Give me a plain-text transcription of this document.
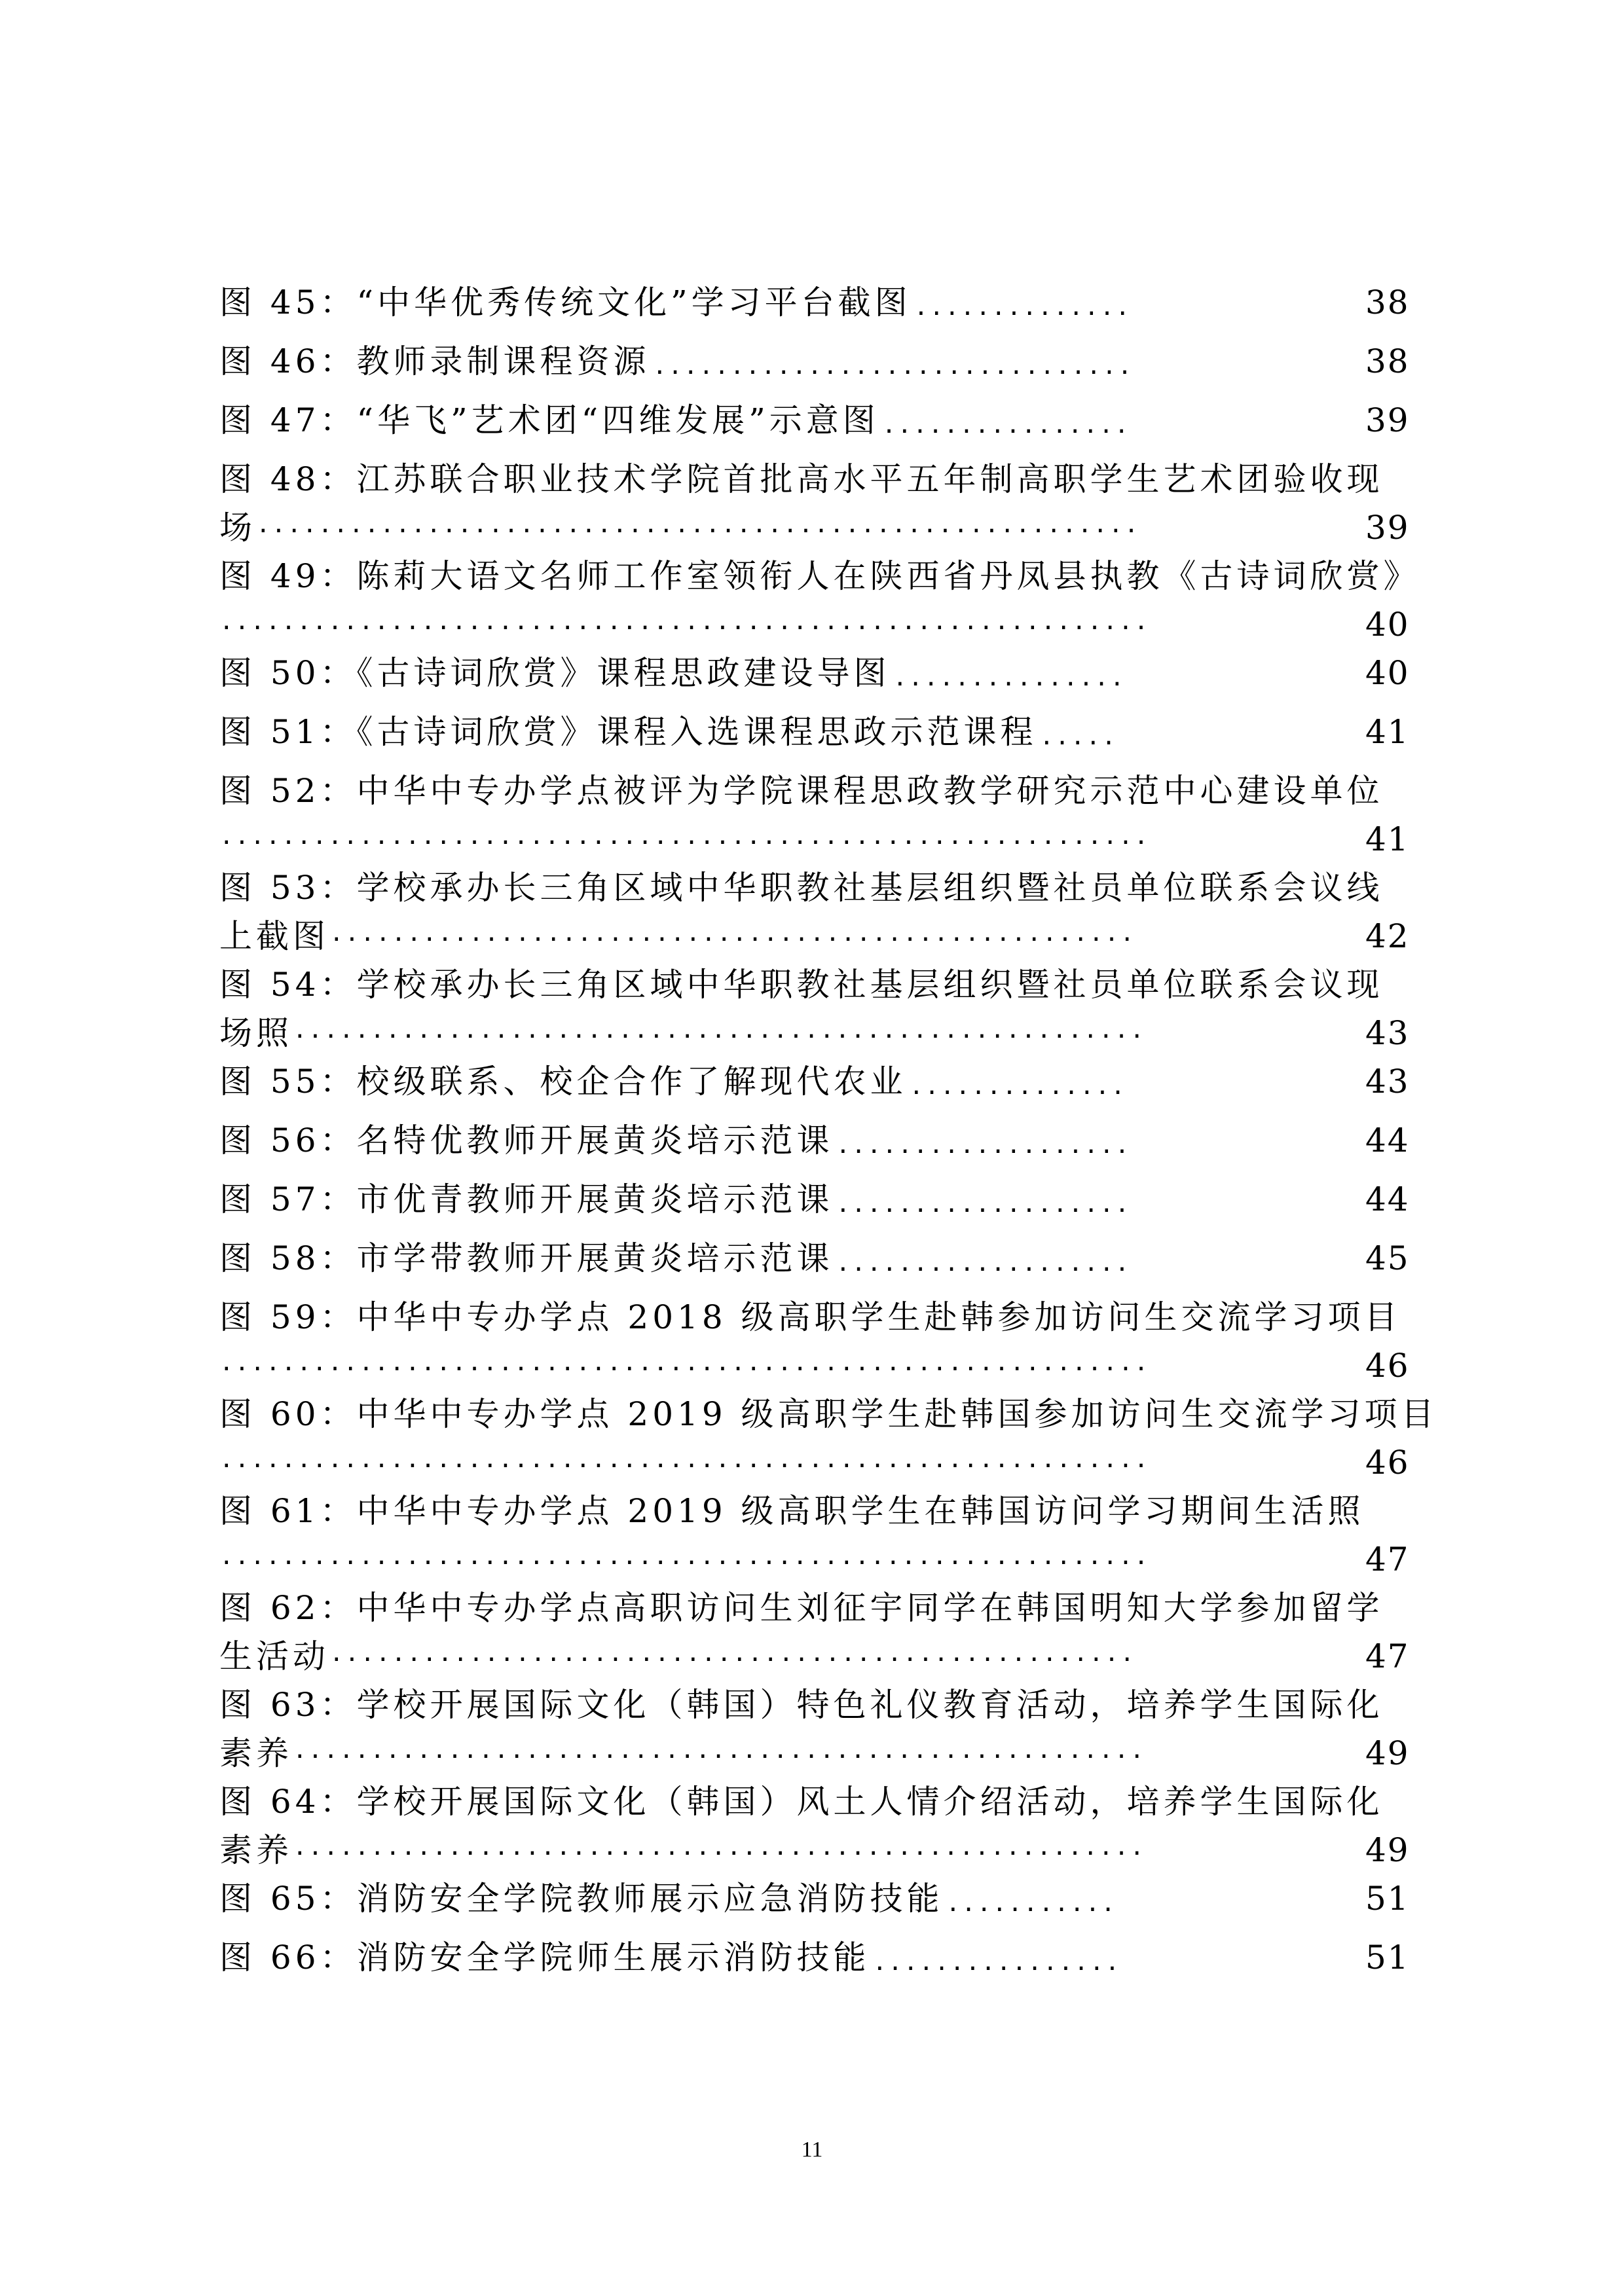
图 45：“中华优秀传统文化”学习平台截图 ··············	38
图 46：教师录制课程资源 ·······························	38
图 47：“华飞”艺术团“四维发展”示意图 ················	39
图 48：江苏联合职业技术学院首批高水平五年制高职学生艺术团验收现
场·························································	39
图 49：陈莉大语文名师工作室领衔人在陕西省丹凤县执教《古诗词欣赏》
····························································	40
图 50：《古诗词欣赏》课程思政建设导图 ···············	40
图 51：《古诗词欣赏》课程入选课程思政示范课程 ·····	41
图 52：中华中专办学点被评为学院课程思政教学研究示范中心建设单位
····························································	41
图 53：学校承办长三角区域中华职教社基层组织暨社员单位联系会议线
上截图····················································	42
图 54：学校承办长三角区域中华职教社基层组织暨社员单位联系会议现
场照·······················································	43
图 55：校级联系、校企合作了解现代农业 ··············	43
图 56：名特优教师开展黄炎培示范课 ···················	44
图 57：市优青教师开展黄炎培示范课 ···················	44
图 58：市学带教师开展黄炎培示范课 ···················	45
图 59：中华中专办学点 2018 级高职学生赴韩参加访问生交流学习项目
····························································	46
图 60：中华中专办学点 2019 级高职学生赴韩国参加访问生交流学习项目
····························································	46
图 61：中华中专办学点 2019 级高职学生在韩国访问学习期间生活照
····························································	47
图 62：中华中专办学点高职访问生刘征宇同学在韩国明知大学参加留学
生活动····················································	47
图 63：学校开展国际文化（韩国）特色礼仪教育活动，培养学生国际化
素养·······················································	49
图 64：学校开展国际文化（韩国）风土人情介绍活动，培养学生国际化
素养·······················································	49
图 65：消防安全学院教师展示应急消防技能 ···········	51
图 66：消防安全学院师生展示消防技能 ················	51
11
